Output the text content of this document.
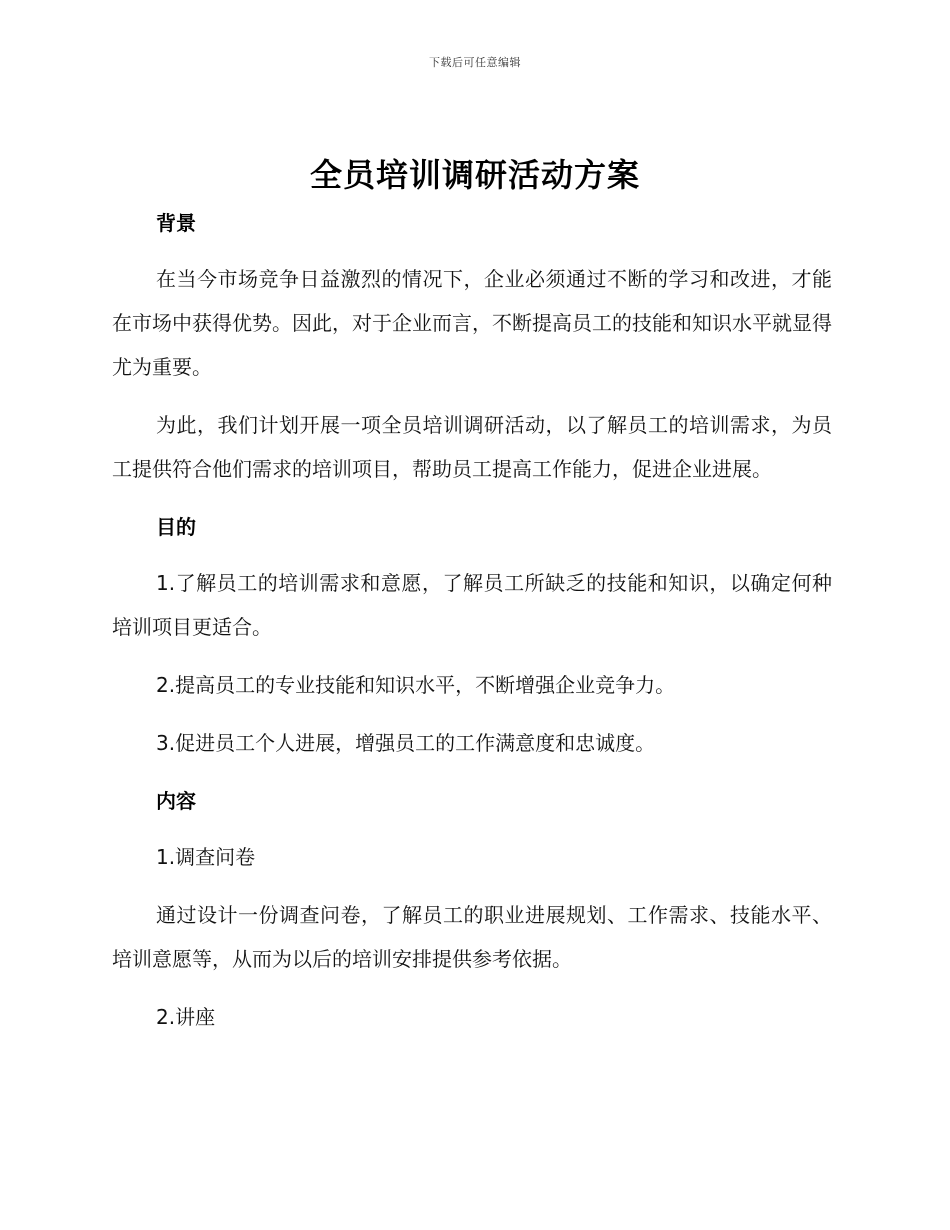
下载后可任意编辑
全员培训调研活动方案
背景

在当今市场竞争日益激烈的情况下，企业必须通过不断的学习和改进，才能在市场中获得优势。因此，对于企业而言，不断提高员工的技能和知识水平就显得尤为重要。

为此，我们计划开展一项全员培训调研活动，以了解员工的培训需求，为员工提供符合他们需求的培训项目，帮助员工提高工作能力，促进企业进展。

目的

1.了解员工的培训需求和意愿，了解员工所缺乏的技能和知识，以确定何种培训项目更适合。

2.提高员工的专业技能和知识水平，不断增强企业竞争力。

3.促进员工个人进展，增强员工的工作满意度和忠诚度。

内容

1.调查问卷

通过设计一份调查问卷，了解员工的职业进展规划、工作需求、技能水平、培训意愿等，从而为以后的培训安排提供参考依据。

2.讲座
